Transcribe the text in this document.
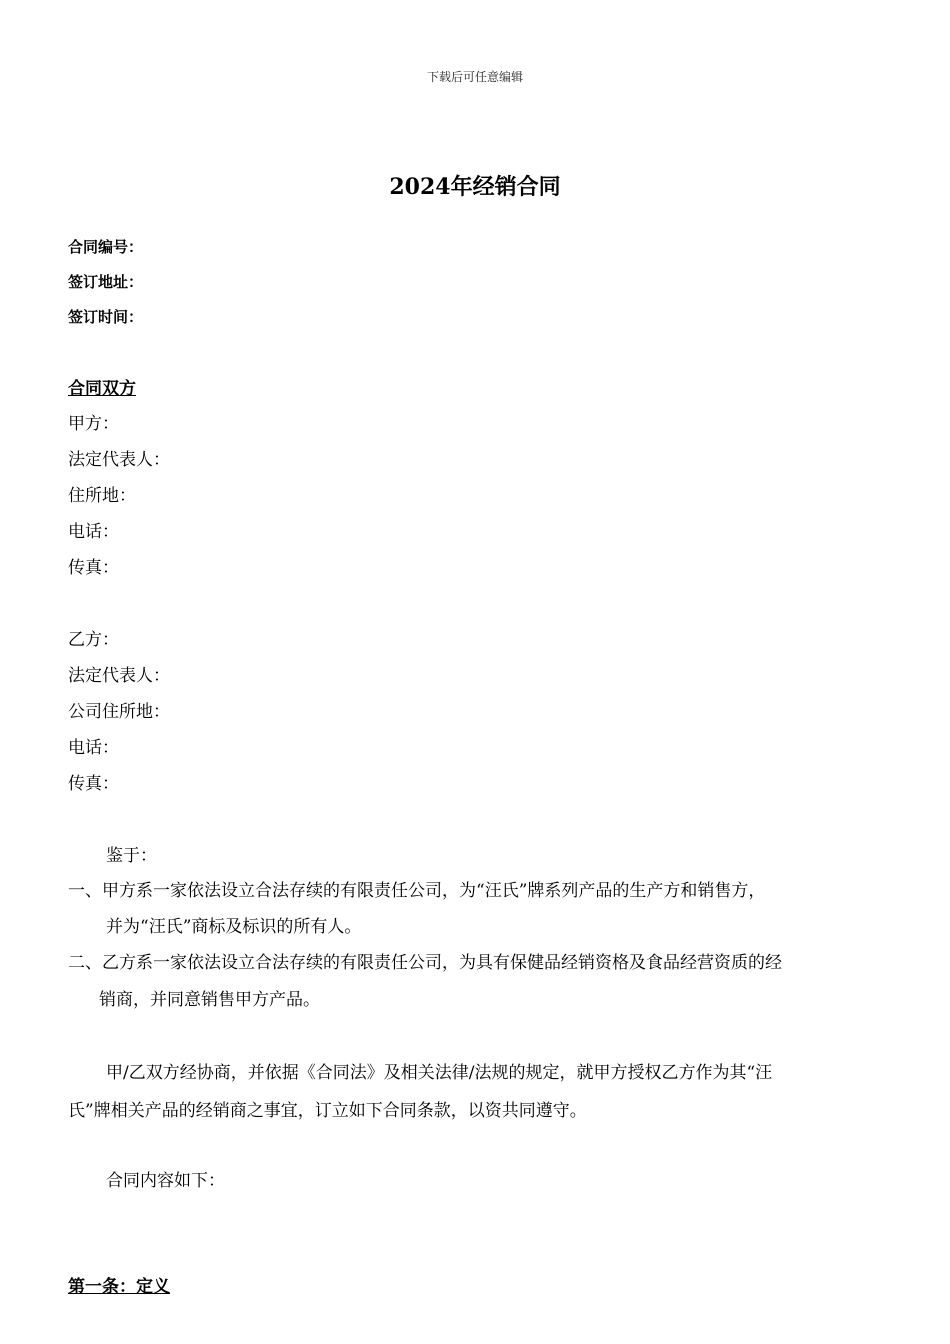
下载后可任意编辑
2024年经销合同
合同编号：
签订地址：
签订时间：
合同双方
甲方：
法定代表人：
住所地：
电话：
传真：
乙方：
法定代表人：
公司住所地：
电话：
传真：
鉴于：
一、甲方系一家依法设立合法存续的有限责任公司，为“汪氏”牌系列产品的生产方和销售方，
并为“汪氏”商标及标识的所有人。
二、乙方系一家依法设立合法存续的有限责任公司，为具有保健品经销资格及食品经营资质的经
销商，并同意销售甲方产品。
甲/乙双方经协商，并依据《合同法》及相关法律/法规的规定，就甲方授权乙方作为其“汪
氏”牌相关产品的经销商之事宜，订立如下合同条款，以资共同遵守。
合同内容如下：
第一条：定义
